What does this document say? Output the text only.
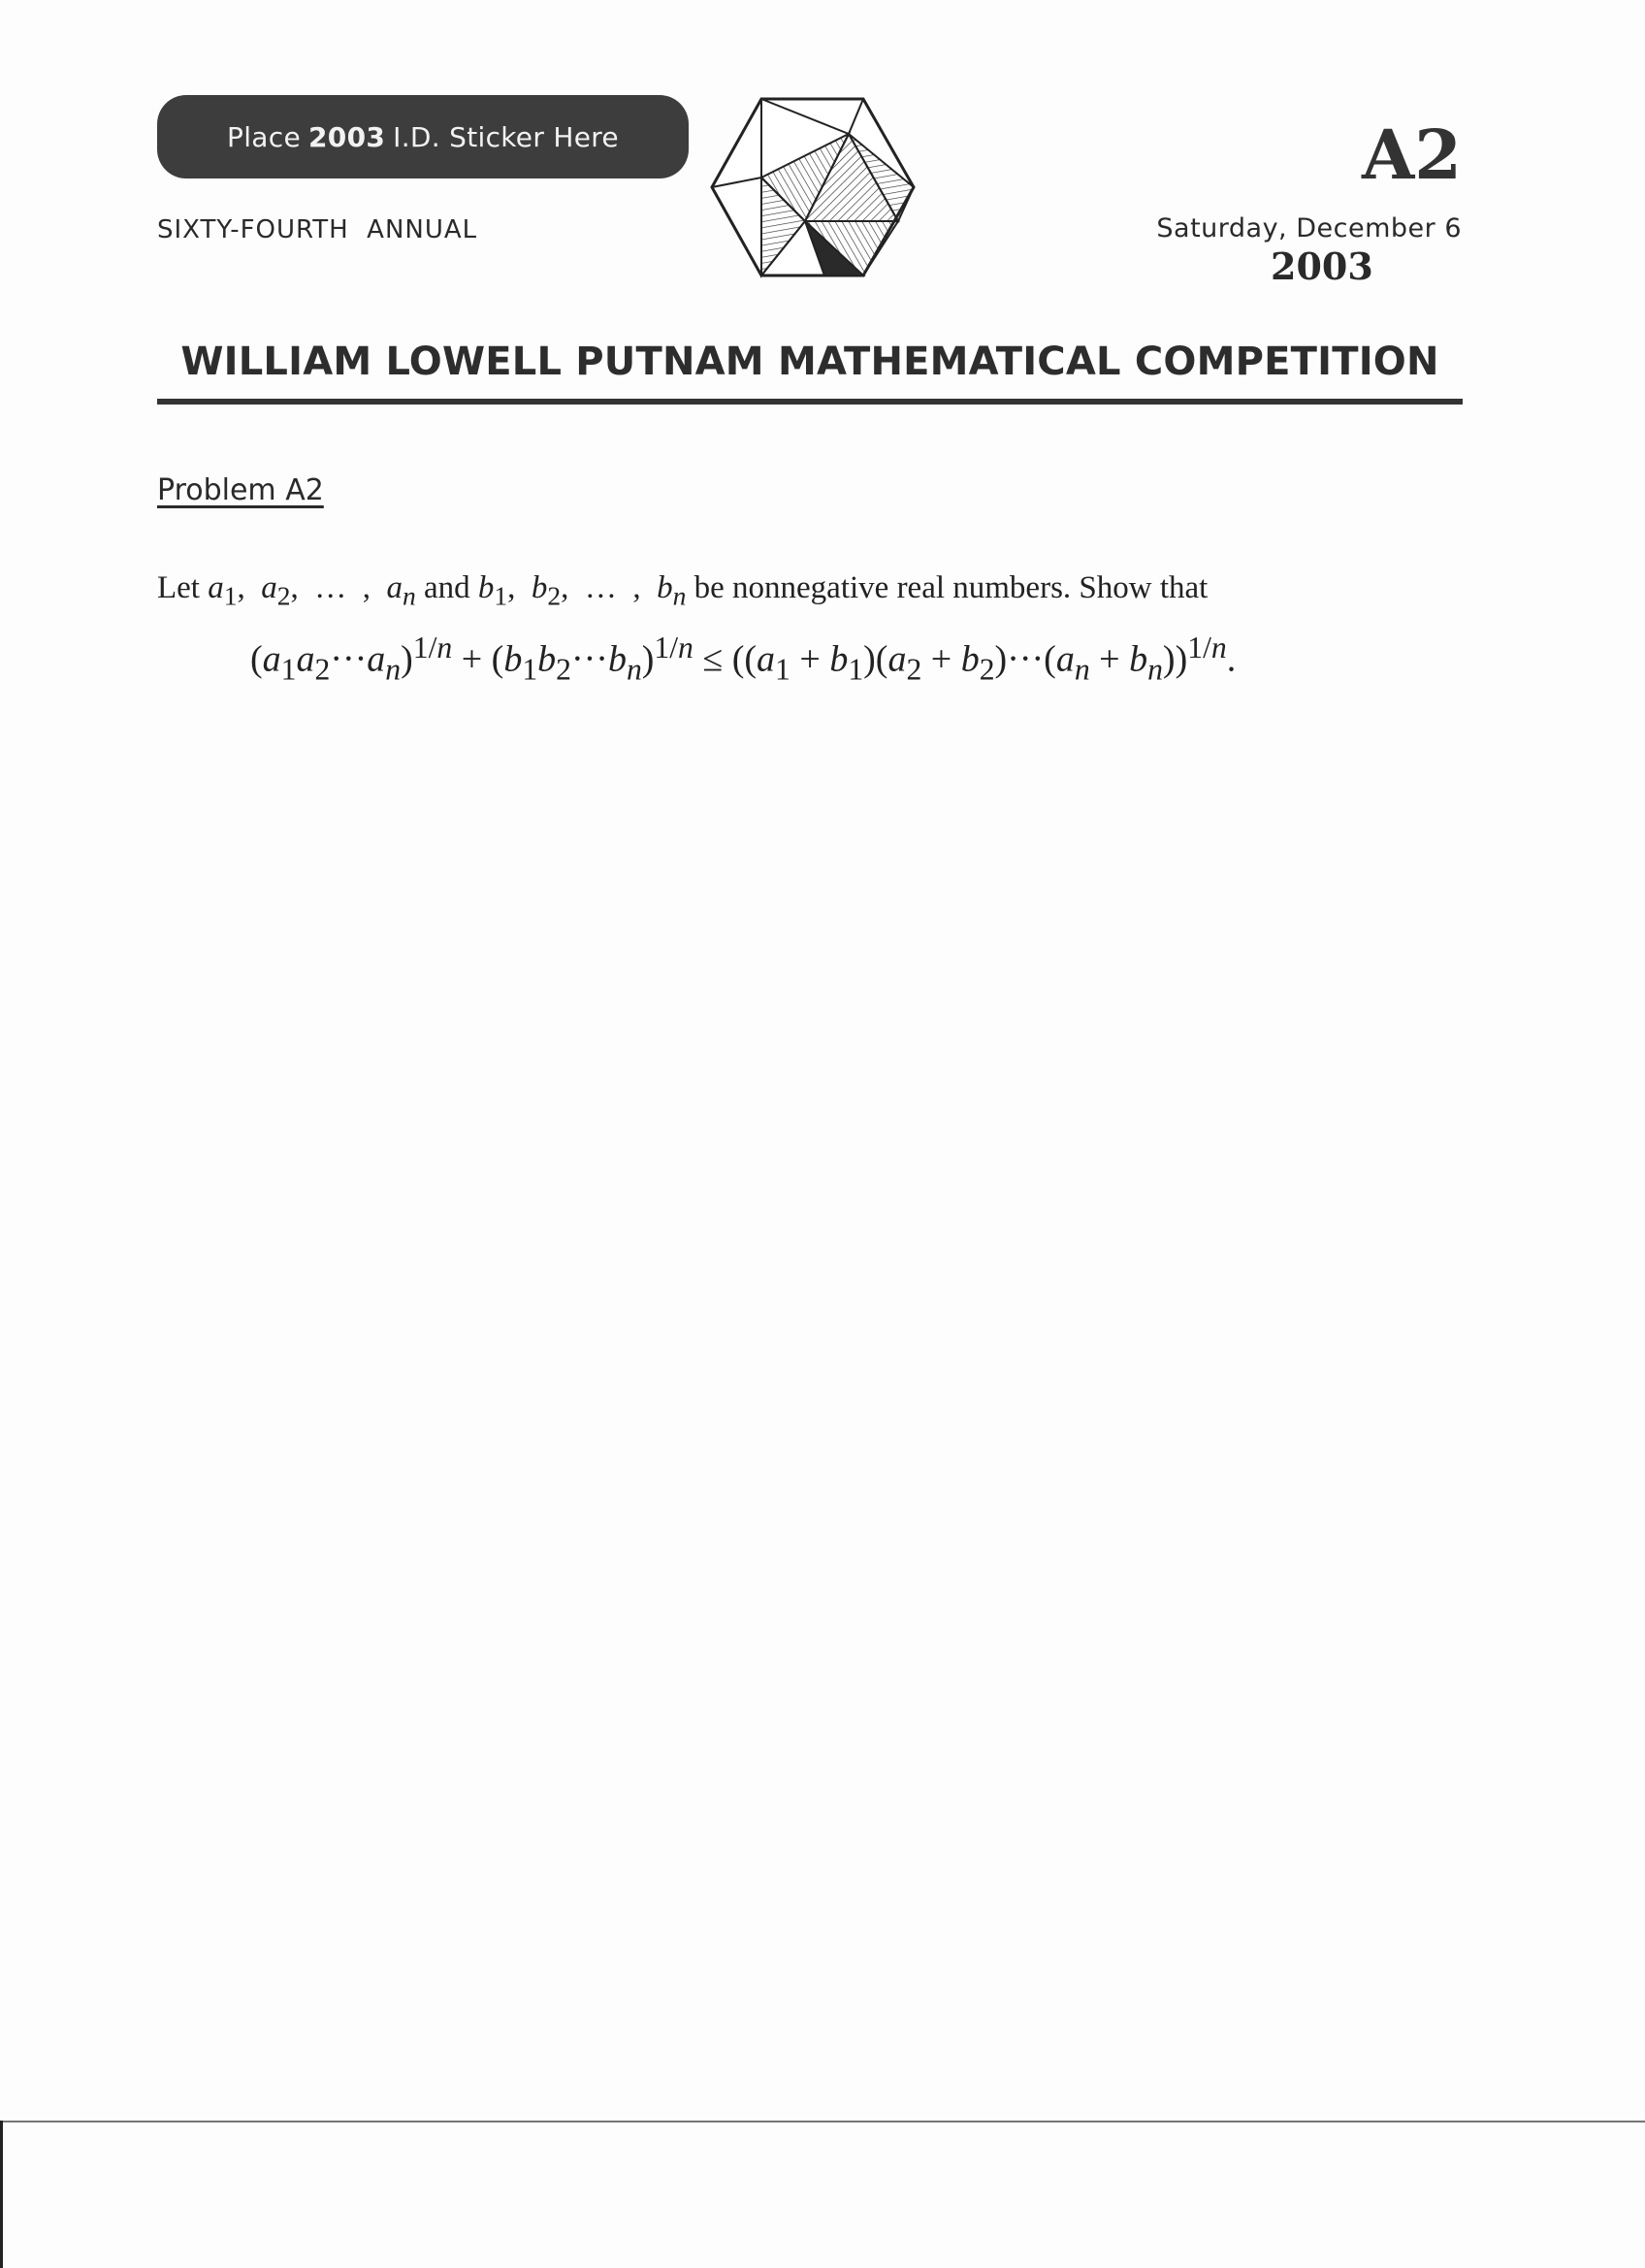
Place 2003 I.D. Sticker Here
SIXTY-FOURTH  ANNUAL
A2
Saturday, December 6
2003
WILLIAM LOWELL PUTNAM MATHEMATICAL COMPETITION
Problem A2
Let $a_1$,  $a_2$,  …  ,  $a_n$ and $b_1$,  $b_2$,  …  ,  $b_n$ be nonnegative real numbers. Show that
$(a_1a_2\cdot\cdot\cdot a_n)^{1/n} + (b_1b_2\cdot\cdot\cdot b_n)^{1/n} \le ((a_1 + b_1)(a_2 + b_2)\cdot\cdot\cdot(a_n + b_n))^{1/n}$.
